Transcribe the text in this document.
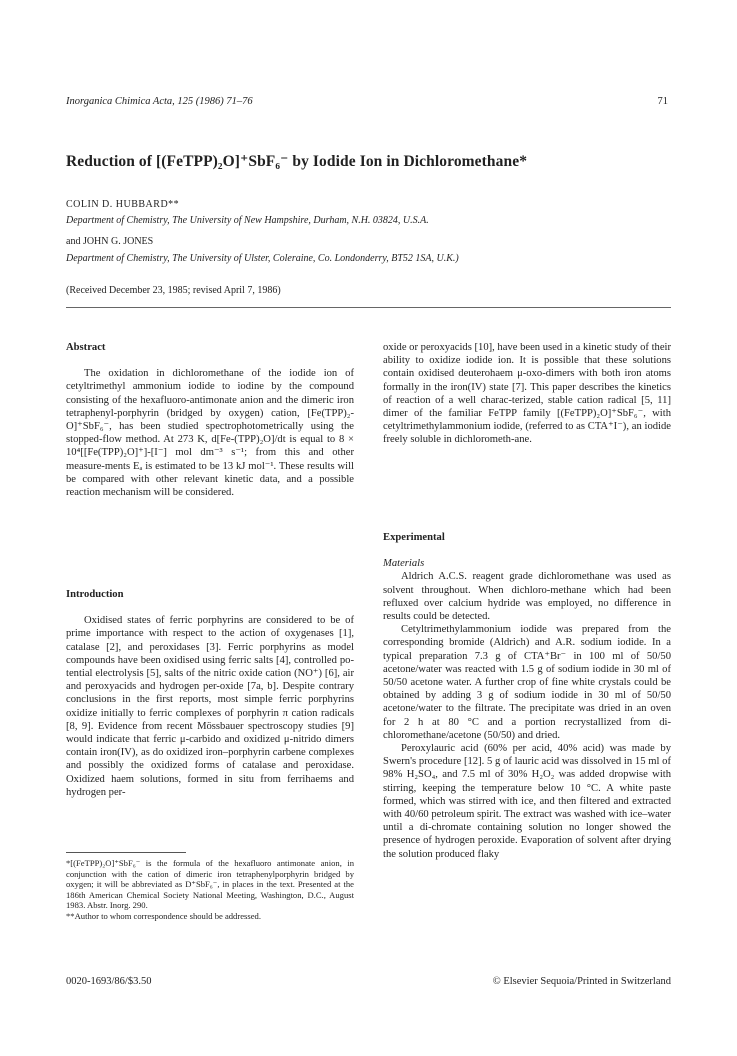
Inorganica Chimica Acta, 125 (1986) 71–76	71
Reduction of [(FeTPP)₂O]⁺SbF₆⁻ by Iodide Ion in Dichloromethane*
COLIN D. HUBBARD**
Department of Chemistry, The University of New Hampshire, Durham, N.H. 03824, U.S.A.
and JOHN G. JONES
Department of Chemistry, The University of Ulster, Coleraine, Co. Londonderry, BT52 1SA, U.K.)
(Received December 23, 1985; revised April 7, 1986)
Abstract

The oxidation in dichloromethane of the iodide ion of cetyltrimethyl ammonium iodide to iodine by the compound consisting of the hexafluoro-antimonate anion and the dimeric iron tetraphenyl-porphyrin (bridged by oxygen) cation, [Fe(TPP)₂-O]⁺SbF₆⁻, has been studied spectrophotometrically using the stopped-flow method. At 273 K, d[Fe-(TPP)₂O]/dt is equal to 8 × 10⁴[[Fe(TPP)₂O]⁺]-[I⁻] mol dm⁻³ s⁻¹; from this and other measure-ments Eₐ is estimated to be 13 kJ mol⁻¹. These results will be compared with other relevant kinetic data, and a possible reaction mechanism will be considered.

Introduction

Oxidised states of ferric porphyrins are considered to be of prime importance with respect to the action of oxygenases [1], catalase [2], and peroxidases [3]. Ferric porphyrins as model compounds have been oxidised using ferric salts [4], controlled po-tential electrolysis [5], salts of the nitric oxide cation (NO⁺) [6], air and peroxyacids and hydrogen per-oxide [7a, b]. Despite contrary conclusions in the first reports, most simple ferric porphyrins oxidize initially to ferric complexes of porphyrin π cation radicals [8, 9]. Evidence from recent Mössbauer spectroscopy studies [9] would indicate that ferric μ-carbido and oxidized μ-nitrido dimers contain iron(IV), as do oxidized iron–porphyrin carbene complexes and possibly the oxidized forms of catalase and peroxidase. Oxidized haem solutions, formed in situ from ferrihaems and hydrogen per-

*[(FeTPP)₂O]⁺SbF₆⁻ is the formula of the hexafluoro antimonate anion, in conjunction with the cation of dimeric iron tetraphenylporphyrin bridged by oxygen; it will be abbreviated as D⁺SbF₆⁻, in places in the text. Presented at the 186th American Chemical Society National Meeting, Washington, D.C., August 1983. Abstr. Inorg. 290.

**Author to whom correspondence should be addressed.

oxide or peroxyacids [10], have been used in a kinetic study of their ability to oxidize iodide ion. It is possible that these solutions contain oxidised deuterohaem μ-oxo-dimers with both iron atoms formally in the iron(IV) state [7]. This paper describes the kinetics of reaction of a well charac-terized, stable cation radical [5, 11] dimer of the familiar FeTPP family [(FeTPP)₂O]⁺SbF₆⁻, with cetyltrimethylammonium iodide, (referred to as CTA⁺I⁻), an iodide freely soluble in dichlorometh-ane.

Experimental
Materials

Aldrich A.C.S. reagent grade dichloromethane was used as solvent throughout. When dichloro-methane which had been refluxed over calcium hydride was employed, no difference in results could be detected.

Cetyltrimethylammonium iodide was prepared from the corresponding bromide (Aldrich) and A.R. sodium iodide. In a typical preparation 7.3 g of CTA⁺Br⁻ in 100 ml of 50/50 acetone/water was reacted with 1.5 g of sodium iodide in 30 ml of 50/50 acetone water. A further crop of fine white crystals could be obtained by adding 3 g of sodium iodide in 30 ml of 50/50 acetone/water to the filtrate. The precipitate was dried in an oven for 2 h at 80 °C and a portion recrystallized from di-chloromethane/acetone (50/50) and dried.

Peroxylauric acid (60% per acid, 40% acid) was made by Swern's procedure [12]. 5 g of lauric acid was dissolved in 15 ml of 98% H₂SO₄, and 7.5 ml of 30% H₂O₂ was added dropwise with stirring, keeping the temperature below 10 °C. A white paste formed, which was stirred with ice, and then filtered and extracted with 40/60 petroleum spirit. The extract was washed with ice–water until a di-chromate containing solution no longer showed the presence of hydrogen peroxide. Evaporation of solvent after drying the solution produced flaky

0020-1693/86/$3.50	© Elsevier Sequoia/Printed in Switzerland
